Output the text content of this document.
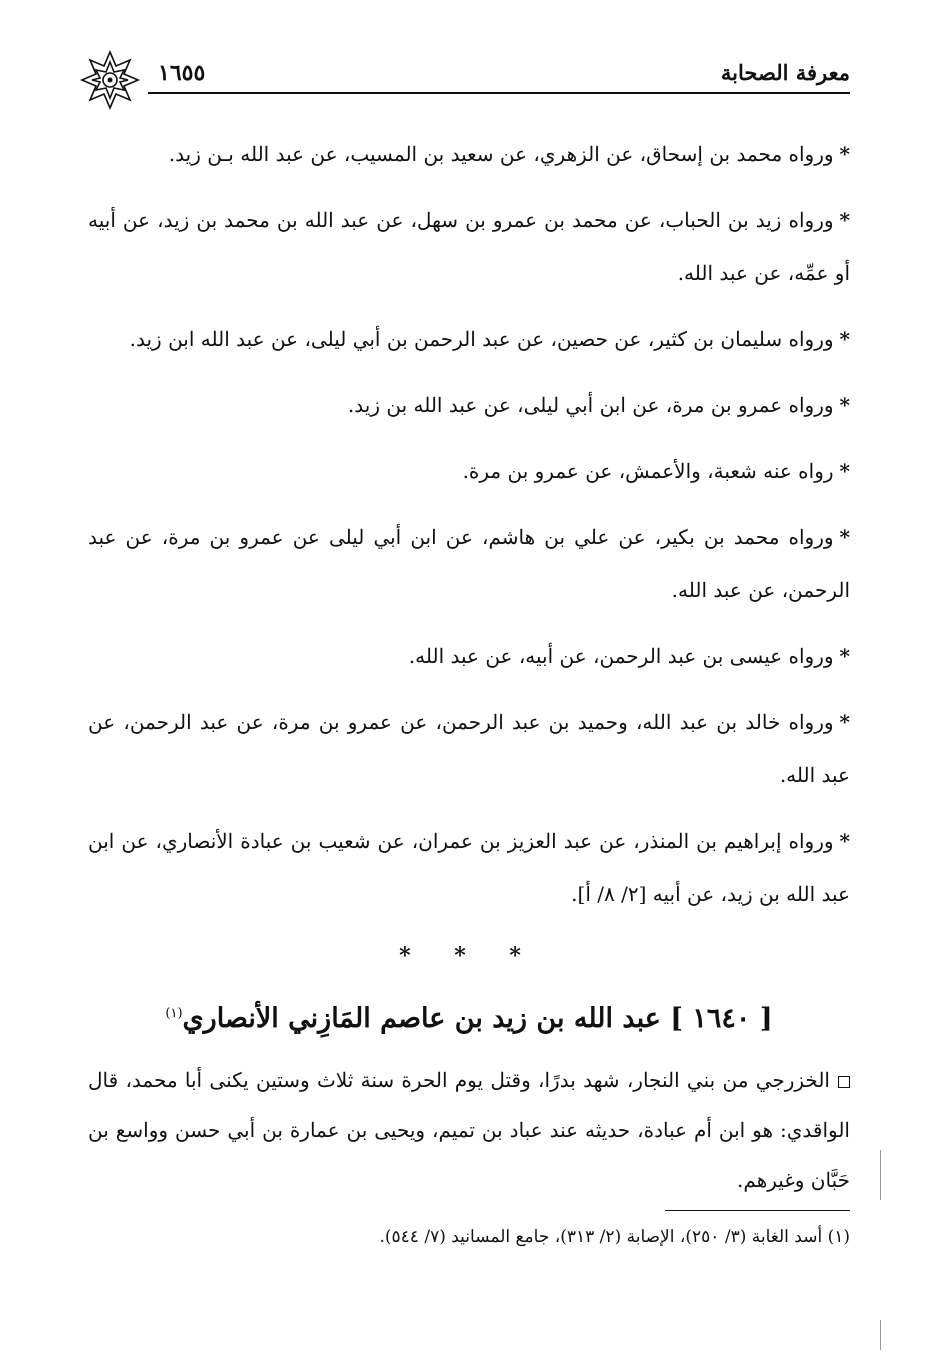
١٦٥٥	معرفة الصحابة

*ورواه محمد بن إسحاق، عن الزهري، عن سعيد بن المسيب، عن عبد الله بـن زيد.

*ورواه زيد بن الحباب، عن محمد بن عمرو بن سهل، عن عبد الله بن محمد بن زيد، عن أبيه أو عمِّه، عن عبد الله.

*ورواه سليمان بن كثير، عن حصين، عن عبد الرحمن بن أبي ليلى، عن عبد الله ابن زيد.

*ورواه عمرو بن مرة، عن ابن أبي ليلى، عن عبد الله بن زيد.

*رواه عنه شعبة، والأعمش، عن عمرو بن مرة.

*ورواه محمد بن بكير، عن علي بن هاشم، عن ابن أبي ليلى عن عمرو بن مرة، عن عبد الرحمن، عن عبد الله.

*ورواه عيسى بن عبد الرحمن، عن أبيه، عن عبد الله.

*ورواه خالد بن عبد الله، وحميد بن عبد الرحمن، عن عمرو بن مرة، عن عبد الرحمن، عن عبد الله.

*ورواه إبراهيم بن المنذر، عن عبد العزيز بن عمران، عن شعيب بن عبادة الأنصاري، عن ابن عبد الله بن زيد، عن أبيه [٢/ ٨/ أ].

* * *
[ ١٦٤٠ ] عبد الله بن زيد بن عاصم المَازِني الأنصاري$^{(١)}$

الخزرجي من بني النجار، شهد بدرًا، وقتل يوم الحرة سنة ثلاث وستين يكنى أبا محمد، قال الواقدي: هو ابن أم عبادة، حديثه عند عباد بن تميم، ويحيى بن عمارة بن أبي حسن وواسع بن حَبَّان وغيرهم.

(١) أسد الغابة (٣/ ٢٥٠)، الإصابة (٢/ ٣١٣)، جامع المسانيد (٧/ ٥٤٤).
